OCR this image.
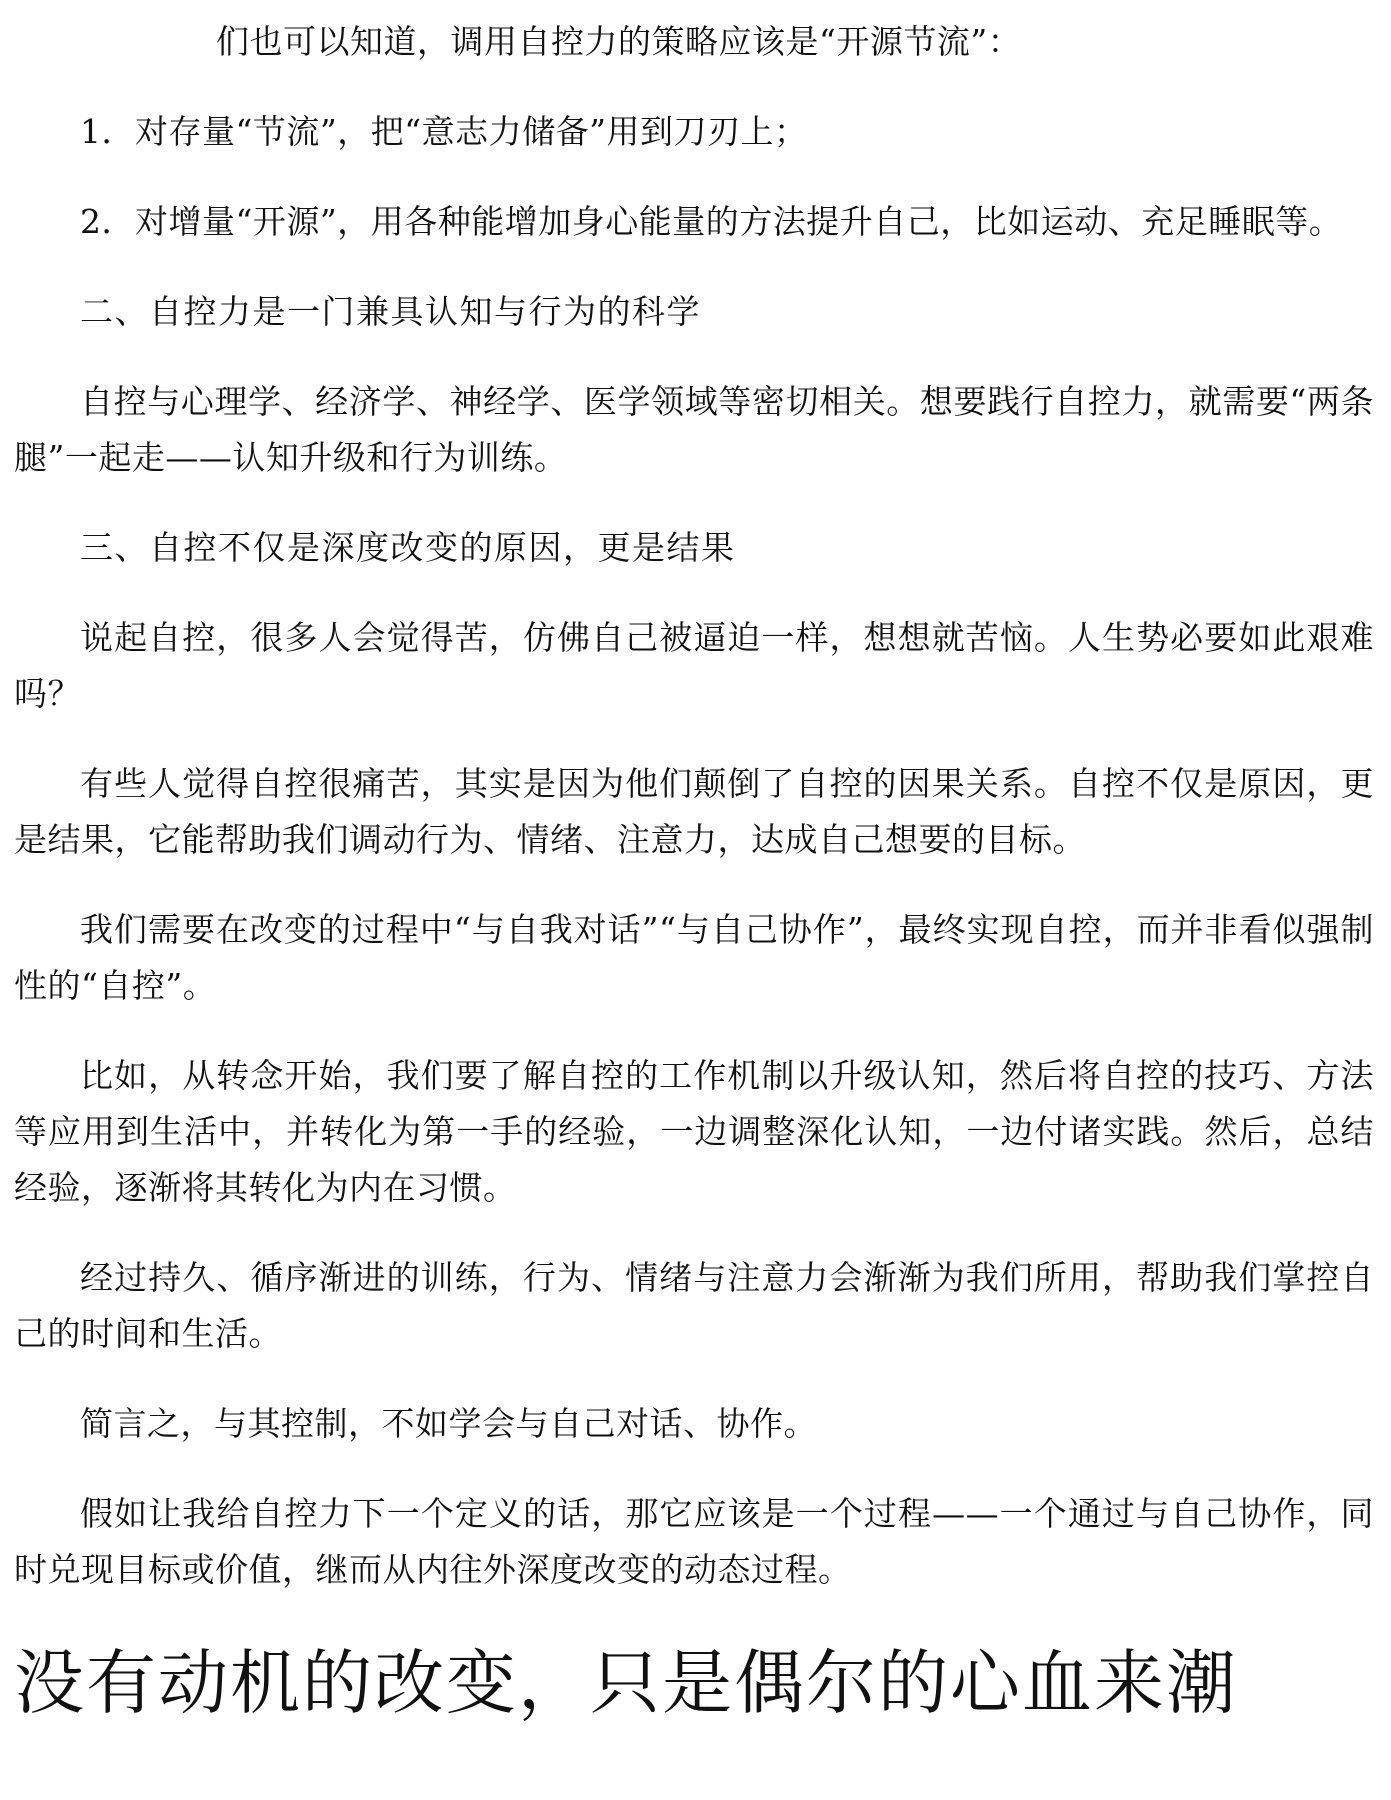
们也可以知道，调用自控力的策略应该是“开源节流”：

1．对存量“节流”，把“意志力储备”用到刀刃上；

2．对增量“开源”，用各种能增加身心能量的方法提升自己，比如运动、充足睡眠等。

二、自控力是一门兼具认知与行为的科学

自控与心理学、经济学、神经学、医学领域等密切相关。想要践行自控力，就需要“两条腿”一起走——认知升级和行为训练。

三、自控不仅是深度改变的原因，更是结果

说起自控，很多人会觉得苦，仿佛自己被逼迫一样，想想就苦恼。人生势必要如此艰难吗？

有些人觉得自控很痛苦，其实是因为他们颠倒了自控的因果关系。自控不仅是原因，更是结果，它能帮助我们调动行为、情绪、注意力，达成自己想要的目标。

我们需要在改变的过程中“与自我对话”“与自己协作”，最终实现自控，而并非看似强制性的“自控”。

比如，从转念开始，我们要了解自控的工作机制以升级认知，然后将自控的技巧、方法等应用到生活中，并转化为第一手的经验，一边调整深化认知，一边付诸实践。然后，总结经验，逐渐将其转化为内在习惯。

经过持久、循序渐进的训练，行为、情绪与注意力会渐渐为我们所用，帮助我们掌控自己的时间和生活。

简言之，与其控制，不如学会与自己对话、协作。

假如让我给自控力下一个定义的话，那它应该是一个过程——一个通过与自己协作，同时兑现目标或价值，继而从内往外深度改变的动态过程。

没有动机的改变，只是偶尔的心血来潮
